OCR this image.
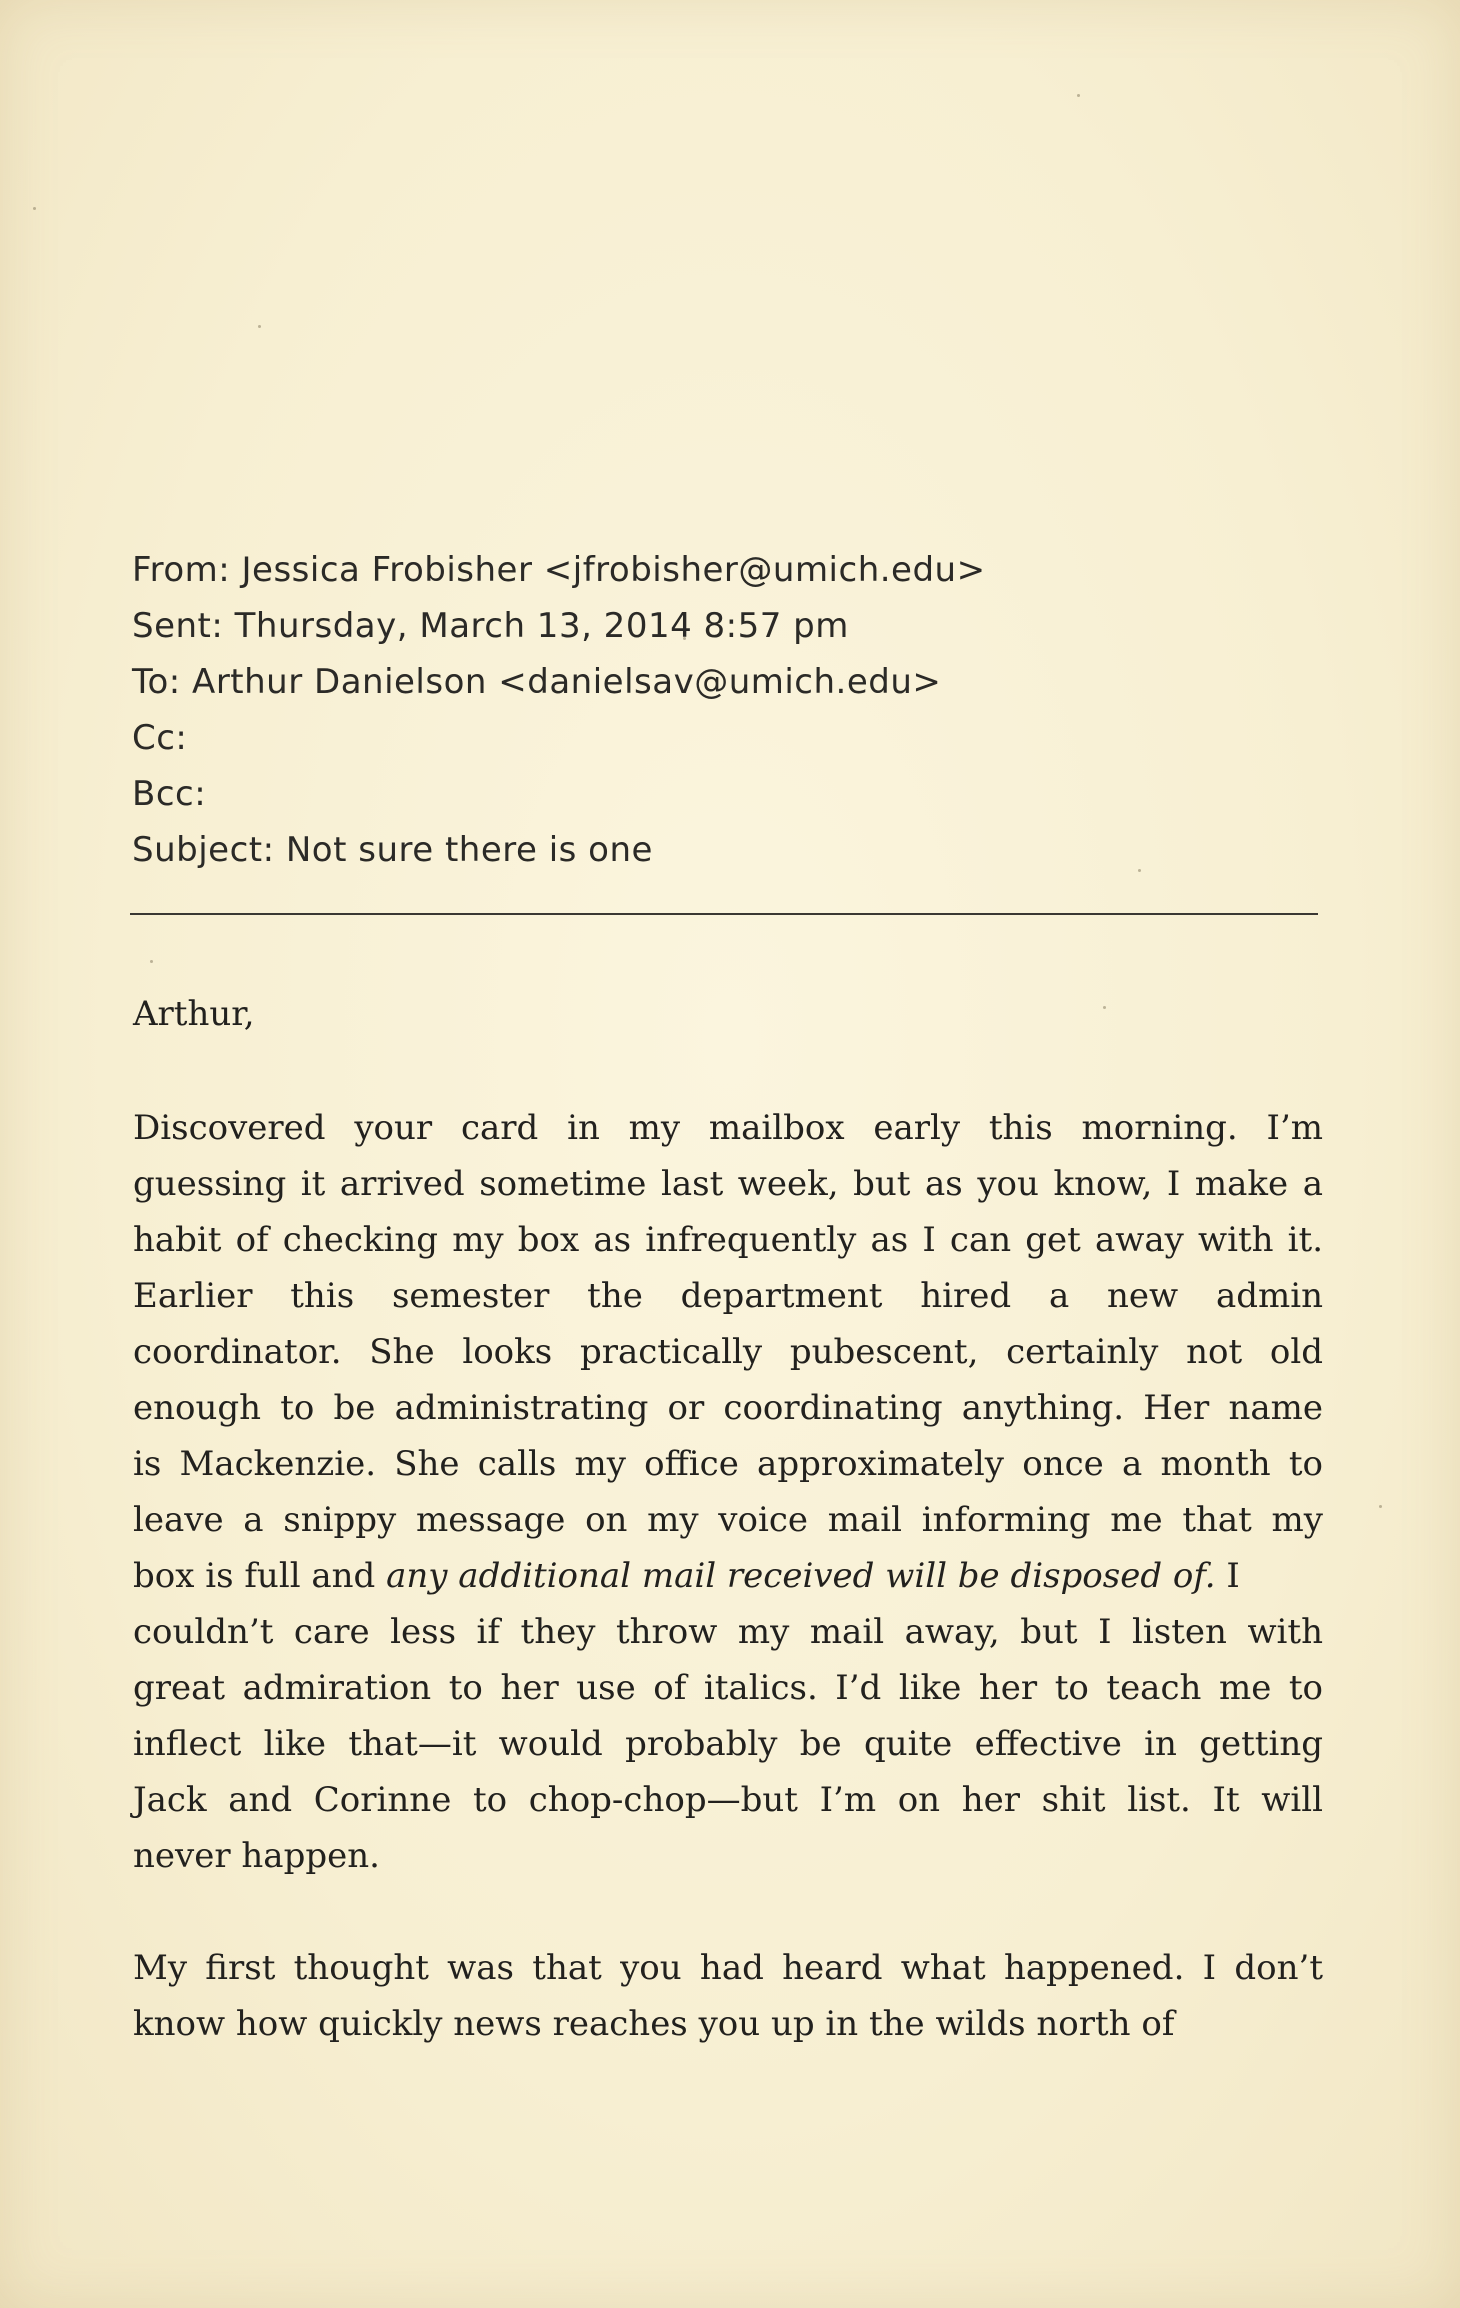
From: Jessica Frobisher <jfrobisher@umich.edu>
Sent: Thursday, March 13, 2014 8:57 pm
To: Arthur Danielson <danielsav@umich.edu>
Cc:
Bcc:
Subject: Not sure there is one
Arthur,
Discovered your card in my mailbox early this morning. I’m
guessing it arrived sometime last week, but as you know, I make a
habit of checking my box as infrequently as I can get away with it.
Earlier this semester the department hired a new admin
coordinator. She looks practically pubescent, certainly not old
enough to be administrating or coordinating anything. Her name
is Mackenzie. She calls my office approximately once a month to
leave a snippy message on my voice mail informing me that my
box is full and any additional mail received will be disposed of. I
couldn’t care less if they throw my mail away, but I listen with
great admiration to her use of italics. I’d like her to teach me to
inflect like that—it would probably be quite effective in getting
Jack and Corinne to chop-chop—but I’m on her shit list. It will
never happen.
My first thought was that you had heard what happened. I don’t
know how quickly news reaches you up in the wilds north of
